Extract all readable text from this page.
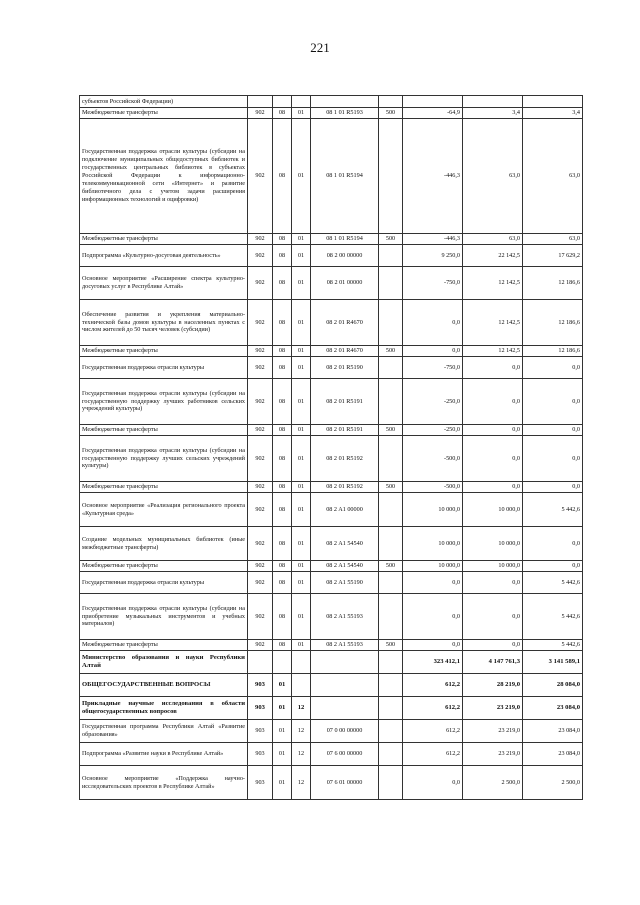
221
субъектов Российской Федерации)								
Межбюджетные трансферты	902	08	01	08 1 01 R5193	500	-64,9	3,4	3,4
Государственная поддержка отрасли культуры (субсидии на подключение муниципальных общедоступных библиотек и государственных центральных библиотек в субъектах Российской Федерации к информационно-телекоммуникационной сети «Интернет» и развитие библиотечного дела с учетом задачи расширения информационных технологий и оцифровки)	902	08	01	08 1 01 R5194		-446,3	63,0	63,0
Межбюджетные трансферты	902	08	01	08 1 01 R5194	500	-446,3	63,0	63,0
Подпрограмма «Культурно-досуговая деятельность»	902	08	01	08 2 00 00000		9 250,0	22 142,5	17 629,2
Основное мероприятие «Расширение спектра культурно-досуговых услуг в Республике Алтай»	902	08	01	08 2 01 00000		-750,0	12 142,5	12 186,6
Обеспечение развития и укрепления материально-технической базы домов культуры в населенных пунктах с числом жителей до 50 тысяч человек (субсидии)	902	08	01	08 2 01 R4670		0,0	12 142,5	12 186,6
Межбюджетные трансферты	902	08	01	08 2 01 R4670	500	0,0	12 142,5	12 186,6
Государственная поддержка отрасли культуры	902	08	01	08 2 01 R5190		-750,0	0,0	0,0
Государственная поддержка отрасли культуры (субсидии на государственную поддержку лучших работников сельских учреждений культуры)	902	08	01	08 2 01 R5191		-250,0	0,0	0,0
Межбюджетные трансферты	902	08	01	08 2 01 R5191	500	-250,0	0,0	0,0
Государственная поддержка отрасли культуры (субсидии на государственную поддержку лучших сельских учреждений культуры)	902	08	01	08 2 01 R5192		-500,0	0,0	0,0
Межбюджетные трансферты	902	08	01	08 2 01 R5192	500	-500,0	0,0	0,0
Основное мероприятие «Реализация регионального проекта «Культурная среда»	902	08	01	08 2 A1 00000		10 000,0	10 000,0	5 442,6
Создание модельных муниципальных библиотек (иные межбюджетные трансферты)	902	08	01	08 2 A1 54540		10 000,0	10 000,0	0,0
Межбюджетные трансферты	902	08	01	08 2 A1 54540	500	10 000,0	10 000,0	0,0
Государственная поддержка отрасли культуры	902	08	01	08 2 A1 55190		0,0	0,0	5 442,6
Государственная поддержка отрасли культуры (субсидии на приобретение музыкальных инструментов и учебных материалов)	902	08	01	08 2 A1 55193		0,0	0,0	5 442,6
Межбюджетные трансферты	902	08	01	08 2 A1 55193	500	0,0	0,0	5 442,6
Министерство образования и науки Республики Алтай						323 412,1	4 147 761,3	3 141 589,1
ОБЩЕГОСУДАРСТВЕННЫЕ ВОПРОСЫ	903	01				612,2	28 219,0	28 084,0
Прикладные научные исследования в области общегосударственных вопросов	903	01	12			612,2	23 219,0	23 084,0
Государственная программа Республики Алтай «Развитие образования»	903	01	12	07 0 00 00000		612,2	23 219,0	23 084,0
Подпрограмма «Развитие науки в Республике Алтай»	903	01	12	07 6 00 00000		612,2	23 219,0	23 084,0
Основное мероприятие «Поддержка научно-исследовательских проектов в Республике Алтай»	903	01	12	07 6 01 00000		0,0	2 500,0	2 500,0
